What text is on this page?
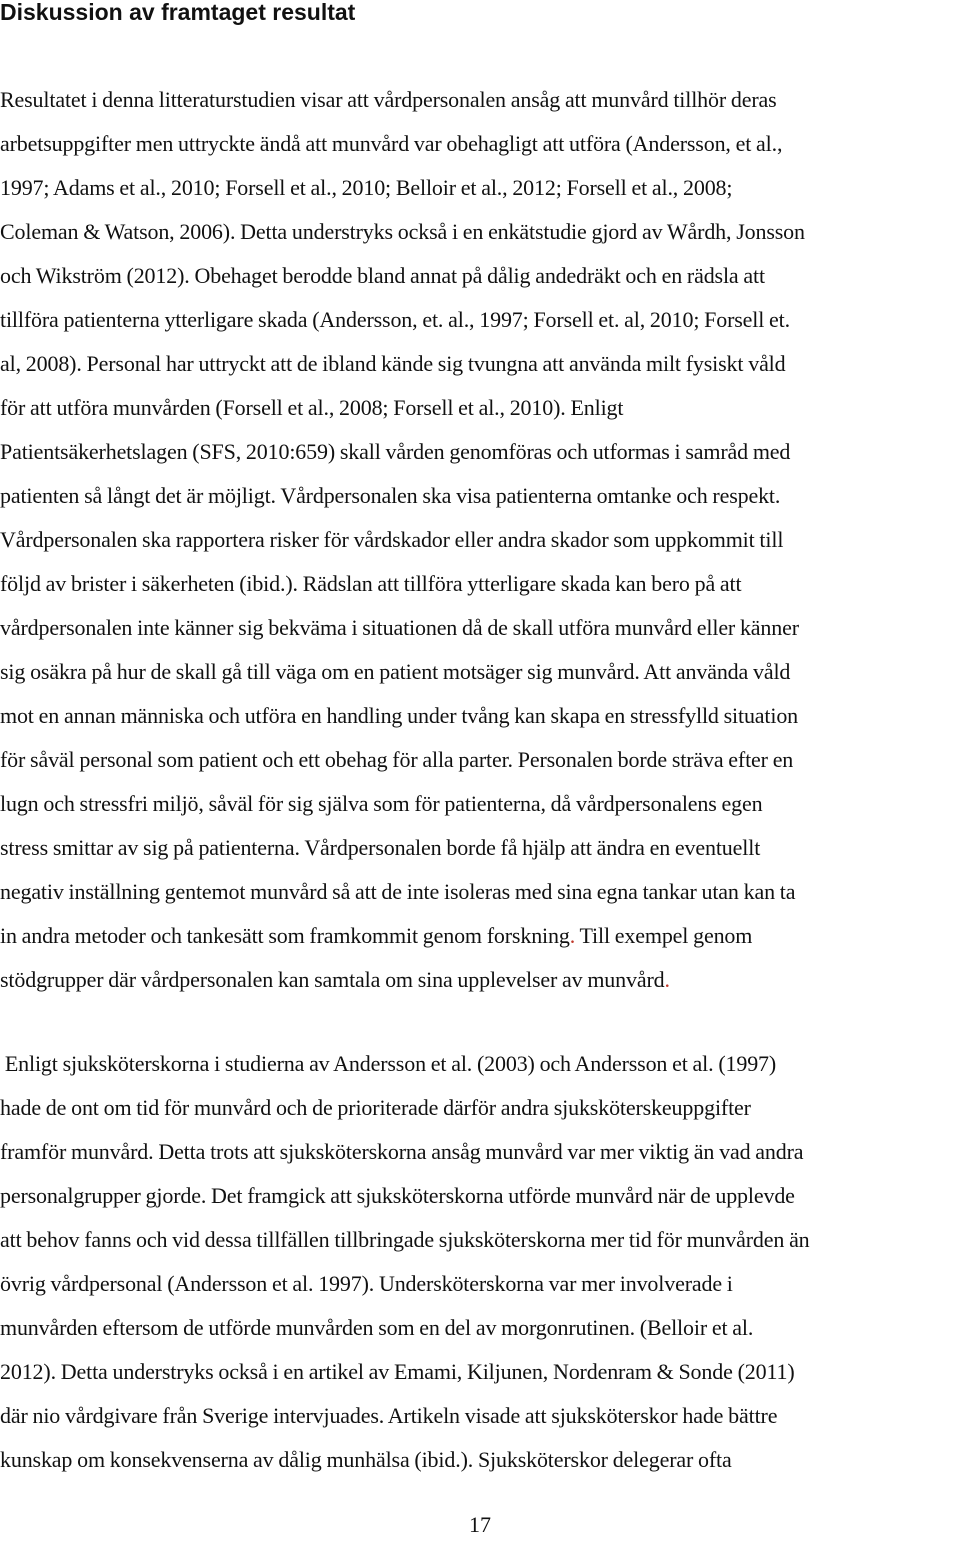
Diskussion av framtaget resultat
Resultatet i denna litteraturstudien visar att vårdpersonalen ansåg att munvård tillhör deras
arbetsuppgifter men uttryckte ändå att munvård var obehagligt att utföra (Andersson, et al.,
1997; Adams et al., 2010; Forsell et al., 2010; Belloir et al., 2012; Forsell et al., 2008;
Coleman & Watson, 2006). Detta understryks också i en enkätstudie gjord av Wårdh, Jonsson
och Wikström (2012). Obehaget berodde bland annat på dålig andedräkt och en rädsla att
tillföra patienterna ytterligare skada (Andersson, et. al., 1997; Forsell et. al, 2010; Forsell et.
al, 2008). Personal har uttryckt att de ibland kände sig tvungna att använda milt fysiskt våld
för att utföra munvården (Forsell et al., 2008; Forsell et al., 2010). Enligt
Patientsäkerhetslagen (SFS, 2010:659) skall vården genomföras och utformas i samråd med
patienten så långt det är möjligt. Vårdpersonalen ska visa patienterna omtanke och respekt.
Vårdpersonalen ska rapportera risker för vårdskador eller andra skador som uppkommit till
följd av brister i säkerheten (ibid.). Rädslan att tillföra ytterligare skada kan bero på att
vårdpersonalen inte känner sig bekväma i situationen då de skall utföra munvård eller känner
sig osäkra på hur de skall gå till väga om en patient motsäger sig munvård. Att använda våld
mot en annan människa och utföra en handling under tvång kan skapa en stressfylld situation
för såväl personal som patient och ett obehag för alla parter. Personalen borde sträva efter en
lugn och stressfri miljö, såväl för sig själva som för patienterna, då vårdpersonalens egen
stress smittar av sig på patienterna. Vårdpersonalen borde få hjälp att ändra en eventuellt
negativ inställning gentemot munvård så att de inte isoleras med sina egna tankar utan kan ta
in andra metoder och tankesätt som framkommit genom forskning. Till exempel genom
stödgrupper där vårdpersonalen kan samtala om sina upplevelser av munvård.
Enligt sjuksköterskorna i studierna av Andersson et al. (2003) och Andersson et al. (1997)
hade de ont om tid för munvård och de prioriterade därför andra sjuksköterskeuppgifter
framför munvård. Detta trots att sjuksköterskorna ansåg munvård var mer viktig än vad andra
personalgrupper gjorde. Det framgick att sjuksköterskorna utförde munvård när de upplevde
att behov fanns och vid dessa tillfällen tillbringade sjuksköterskorna mer tid för munvården än
övrig vårdpersonal (Andersson et al. 1997). Undersköterskorna var mer involverade i
munvården eftersom de utförde munvården som en del av morgonrutinen. (Belloir et al.
2012). Detta understryks också i en artikel av Emami, Kiljunen, Nordenram & Sonde (2011)
där nio vårdgivare från Sverige intervjuades. Artikeln visade att sjuksköterskor hade bättre
kunskap om konsekvenserna av dålig munhälsa (ibid.). Sjuksköterskor delegerar ofta
17
